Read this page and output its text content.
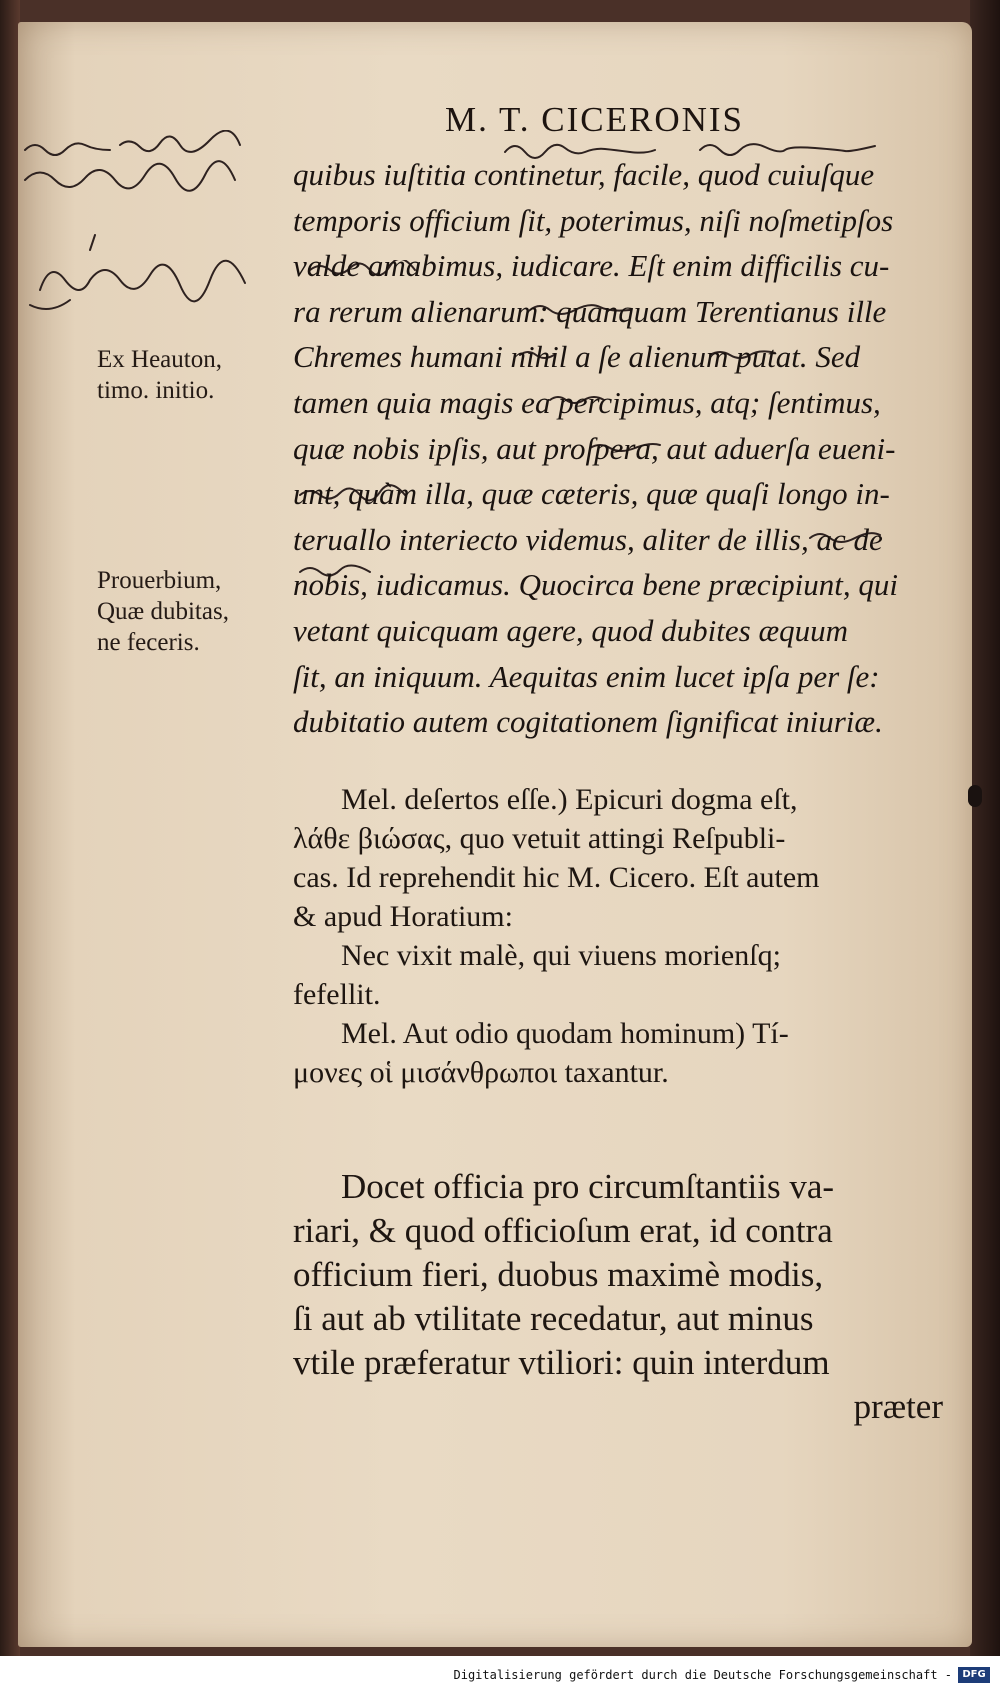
M. T. CICERONIS
quibus iuſtitia continetur, facile, quod cuiuſque
temporis officium ſit, poterimus, niſi noſmetipſos
valde amabimus, iudicare. Eſt enim difficilis cu-
ra rerum alienarum: quanquam Terentianus ille
Chremes humani nihil a ſe alienum putat. Sed
tamen quia magis ea percipimus, atq; ſentimus,
quæ nobis ipſis, aut proſpera, aut aduerſa eueni-
unt, quàm illa, quæ cæteris, quæ quaſi longo in-
teruallo interiecto videmus, aliter de illis, ac de
nobis, iudicamus. Quocirca bene præcipiunt, qui
vetant quicquam agere, quod dubites æquum
ſit, an iniquum. Aequitas enim lucet ipſa per ſe:
dubitatio autem cogitationem ſignificat iniuriæ.
Ex Heauton,
timo. initio.
Prouerbium,
Quæ dubitas,
ne feceris.
Mel. deſertos eſſe.) Epicuri dogma eſt,
λάθε βιώσας, quo vetuit attingi Reſpubli-
cas. Id reprehendit hic M. Cicero. Eſt autem
& apud Horatium:
Nec vixit malè, qui viuens morienſq;
fefellit.
Mel. Aut odio quodam hominum) Tí-
μονες οἱ μισάνθρωποι taxantur.
Docet officia pro circumſtantiis va-
riari, & quod officioſum erat, id contra
officium fieri, duobus maximè modis,
ſi aut ab vtilitate recedatur, aut minus
vtile præferatur vtiliori: quin interdum
præter
Digitalisierung gefördert durch die Deutsche Forschungsgemeinschaft -	DFG
